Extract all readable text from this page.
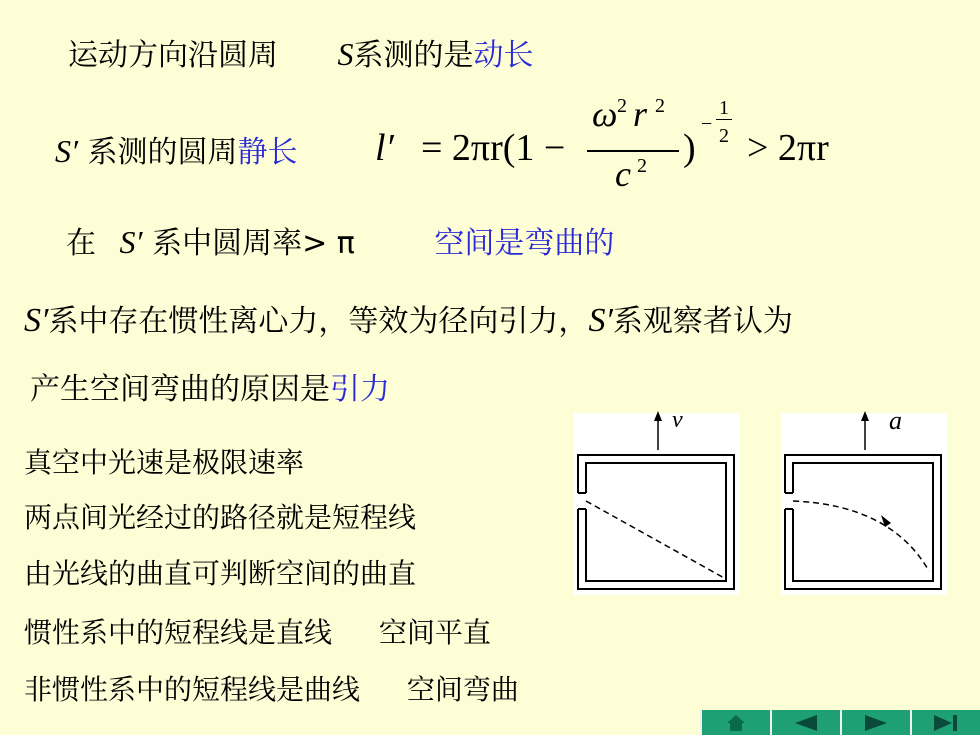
运动方向沿圆周 S系测的是动长
S′ 系测的圆周静长 l′ = 2πr(1 −
ω 2 r 2
c 2 )
−
1
2 > 2πr
在 S′ 系中圆周率> π	空间是弯曲的
S′系中存在惯性离心力，等效为径向引力，S′系观察者认为
产生空间弯曲的原因是引力
真空中光速是极限速率
两点间光经过的路径就是短程线
由光线的曲直可判断空间的曲直
惯性系中的短程线是直线 空间平直
非惯性系中的短程线是曲线 空间弯曲
v	a
